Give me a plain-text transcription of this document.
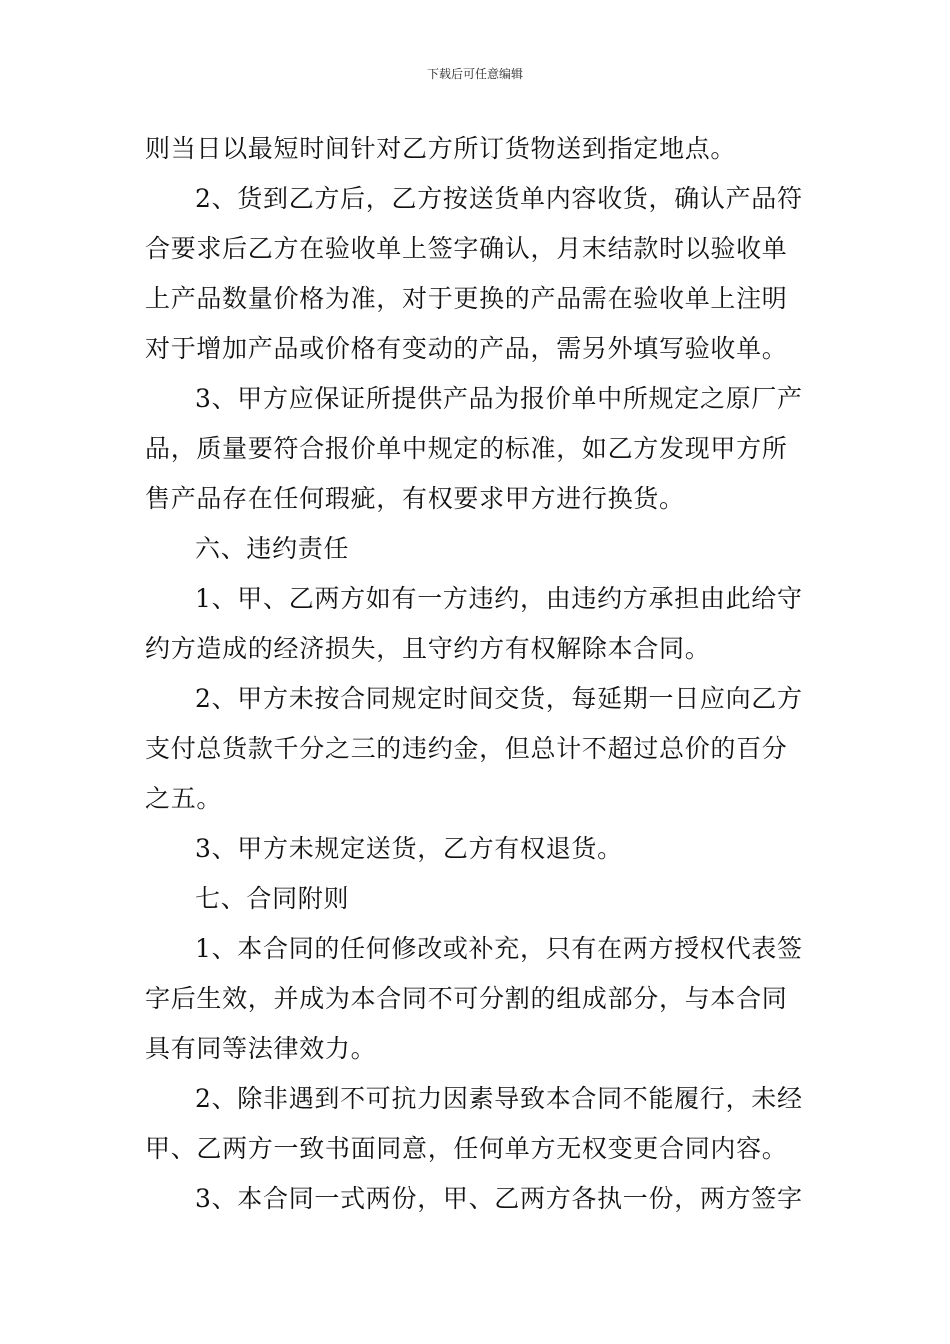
下载后可任意编辑
则当日以最短时间针对乙方所订货物送到指定地点。
2、货到乙方后，乙方按送货单内容收货，确认产品符
合要求后乙方在验收单上签字确认，月末结款时以验收单
上产品数量价格为准，对于更换的产品需在验收单上注明
对于增加产品或价格有变动的产品，需另外填写验收单。
3、甲方应保证所提供产品为报价单中所规定之原厂产
品，质量要符合报价单中规定的标准，如乙方发现甲方所
售产品存在任何瑕疵，有权要求甲方进行换货。
六、违约责任
1、甲、乙两方如有一方违约，由违约方承担由此给守
约方造成的经济损失，且守约方有权解除本合同。
2、甲方未按合同规定时间交货，每延期一日应向乙方
支付总货款千分之三的违约金，但总计不超过总价的百分
之五。
3、甲方未规定送货，乙方有权退货。
七、合同附则
1、本合同的任何修改或补充，只有在两方授权代表签
字后生效，并成为本合同不可分割的组成部分，与本合同
具有同等法律效力。
2、除非遇到不可抗力因素导致本合同不能履行，未经
甲、乙两方一致书面同意，任何单方无权变更合同内容。
3、本合同一式两份，甲、乙两方各执一份，两方签字
